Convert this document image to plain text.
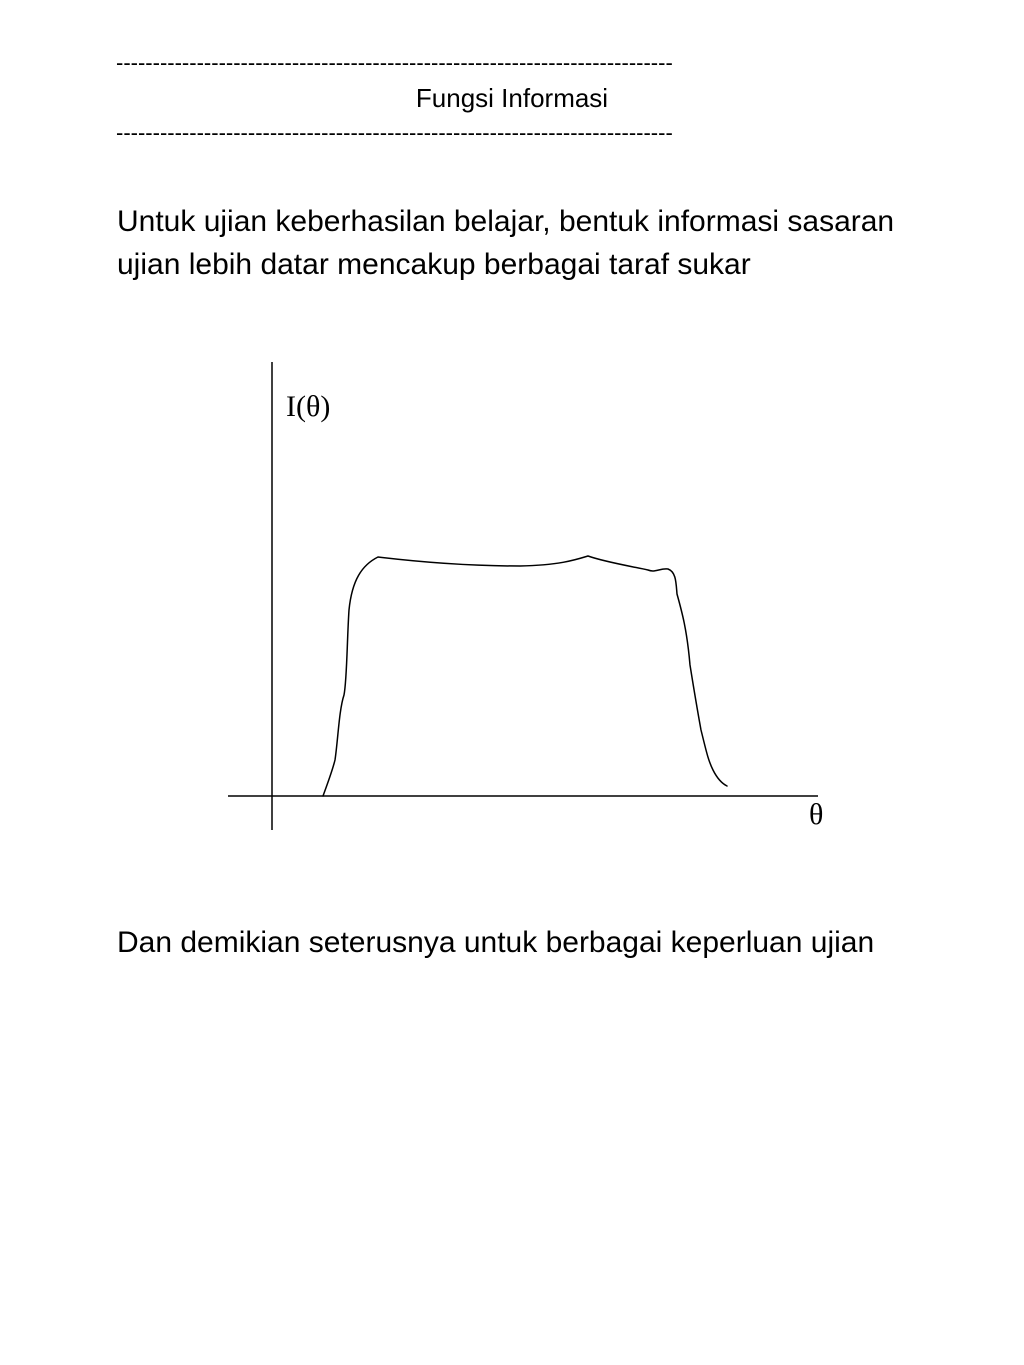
----------------------------------------------------------------------------
Fungsi Informasi
----------------------------------------------------------------------------

Untuk ujian keberhasilan belajar, bentuk informasi sasaran ujian lebih datar mencakup berbagai taraf sukar

I(θ)
θ

Dan demikian seterusnya untuk berbagai keperluan ujian
